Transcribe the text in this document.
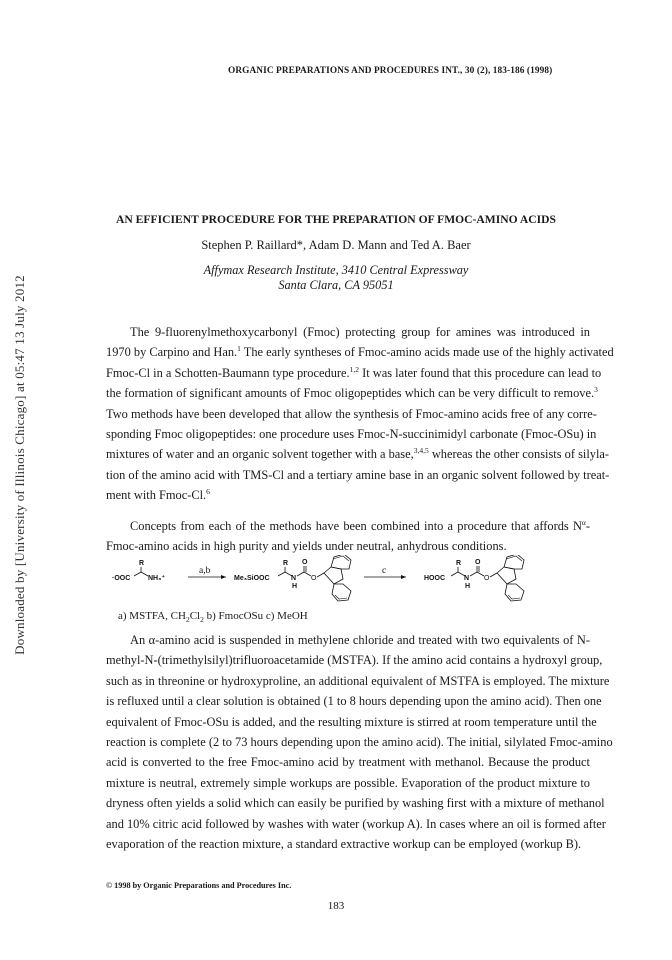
Downloaded by [University of Illinois Chicago] at 05:47 13 July 2012
ORGANIC PREPARATIONS AND PROCEDURES INT., 30 (2), 183-186 (1998)
AN EFFICIENT PROCEDURE FOR THE PREPARATION OF FMOC-AMINO ACIDS
Stephen P. Raillard*, Adam D. Mann and Ted A. Baer
Affymax Research Institute, 3410 Central Expressway
Santa Clara, CA 95051
The 9-fluorenylmethoxycarbonyl (Fmoc) protecting group for amines was introduced in
1970 by Carpino and Han.$^1$ The early syntheses of Fmoc-amino acids made use of the highly activated
Fmoc-Cl in a Schotten-Baumann type procedure.$^{1,2}$ It was later found that this procedure can lead to
the formation of significant amounts of Fmoc oligopeptides which can be very difficult to remove.$^3$
Two methods have been developed that allow the synthesis of Fmoc-amino acids free of any corre-
sponding Fmoc oligopeptides: one procedure uses Fmoc-N-succinimidyl carbonate (Fmoc-OSu) in
mixtures of water and an organic solvent together with a base,$^{3,4,5}$ whereas the other consists of silyla-
tion of the amino acid with TMS-Cl and a tertiary amine base in an organic solvent followed by treat-
ment with Fmoc-Cl.$^6$
Concepts from each of the methods have been combined into a procedure that affords $N^\alpha-$
Fmoc-amino acids in high purity and yields under neutral, anhydrous conditions.
R
·OOC	NH₃⁺
a,b
Me₃SiOOC
R
N
H
O
O
c
HOOC
R
N
H
O
O
a) MSTFA, $CH_2Cl_2$ b) FmocOSu c) MeOH
An α-amino acid is suspended in methylene chloride and treated with two equivalents of N-
methyl-N-(trimethylsilyl)trifluoroacetamide (MSTFA). If the amino acid contains a hydroxyl group,
such as in threonine or hydroxyproline, an additional equivalent of MSTFA is employed. The mixture
is refluxed until a clear solution is obtained (1 to 8 hours depending upon the amino acid). Then one
equivalent of Fmoc-OSu is added, and the resulting mixture is stirred at room temperature until the
reaction is complete (2 to 73 hours depending upon the amino acid). The initial, silylated Fmoc-amino
acid is converted to the free Fmoc-amino acid by treatment with methanol. Because the product
mixture is neutral, extremely simple workups are possible. Evaporation of the product mixture to
dryness often yields a solid which can easily be purified by washing first with a mixture of methanol
and 10% citric acid followed by washes with water (workup A). In cases where an oil is formed after
evaporation of the reaction mixture, a standard extractive workup can be employed (workup B).
© 1998 by Organic Preparations and Procedures Inc.
183
